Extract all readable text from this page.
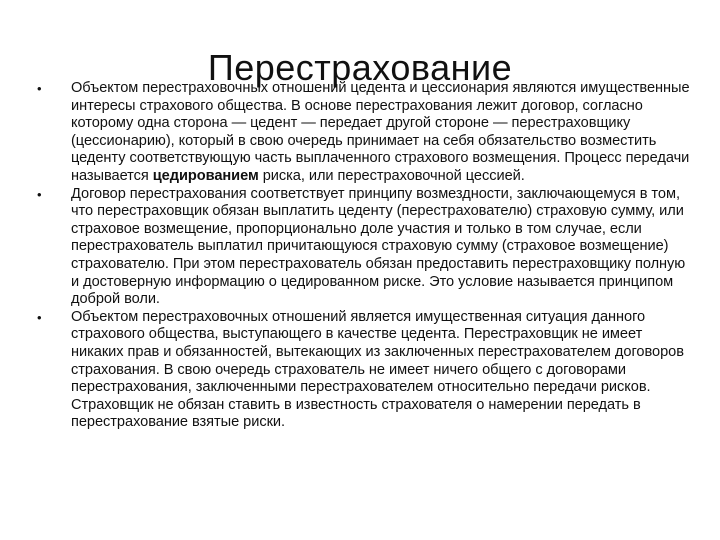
Перестрахование
• Объектом перестраховочных отношений цедента и цессионария являются имущественные интересы страхового общества. В основе перестрахования лежит договор, согласно которому одна сторона — цедент — передает другой стороне — перестраховщику (цессионарию), который в свою очередь принимает на себя обязательство возместить цеденту соответствующую часть выплаченного страхового возмещения. Процесс передачи называется цедированием риска, или перестраховочной цессией.
• Договор перестрахования соответствует принципу возмездности, заключающемуся в том, что перестраховщик обязан выплатить цеденту (перестрахователю) страховую сумму, или страховое возмещение, пропорционально доле участия и только в том случае, если перестрахователь выплатил причитающуюся страховую сумму (страховое возмещение) страхователю. При этом перестрахователь обязан предоставить перестраховщику полную и достоверную информацию о цедированном риске. Это условие называется принципом доброй воли.
• Объектом перестраховочных отношений является имущественная ситуация данного страхового общества, выступающего в качестве цедента. Перестраховщик не имеет никаких прав и обязанностей, вытекающих из заключенных перестрахователем договоров страхования. В свою очередь страхователь не имеет ничего общего с договорами перестрахования, заключенными перестрахователем относительно передачи рисков. Страховщик не обязан ставить в известность страхователя о намерении передать в перестрахование взятые риски.
